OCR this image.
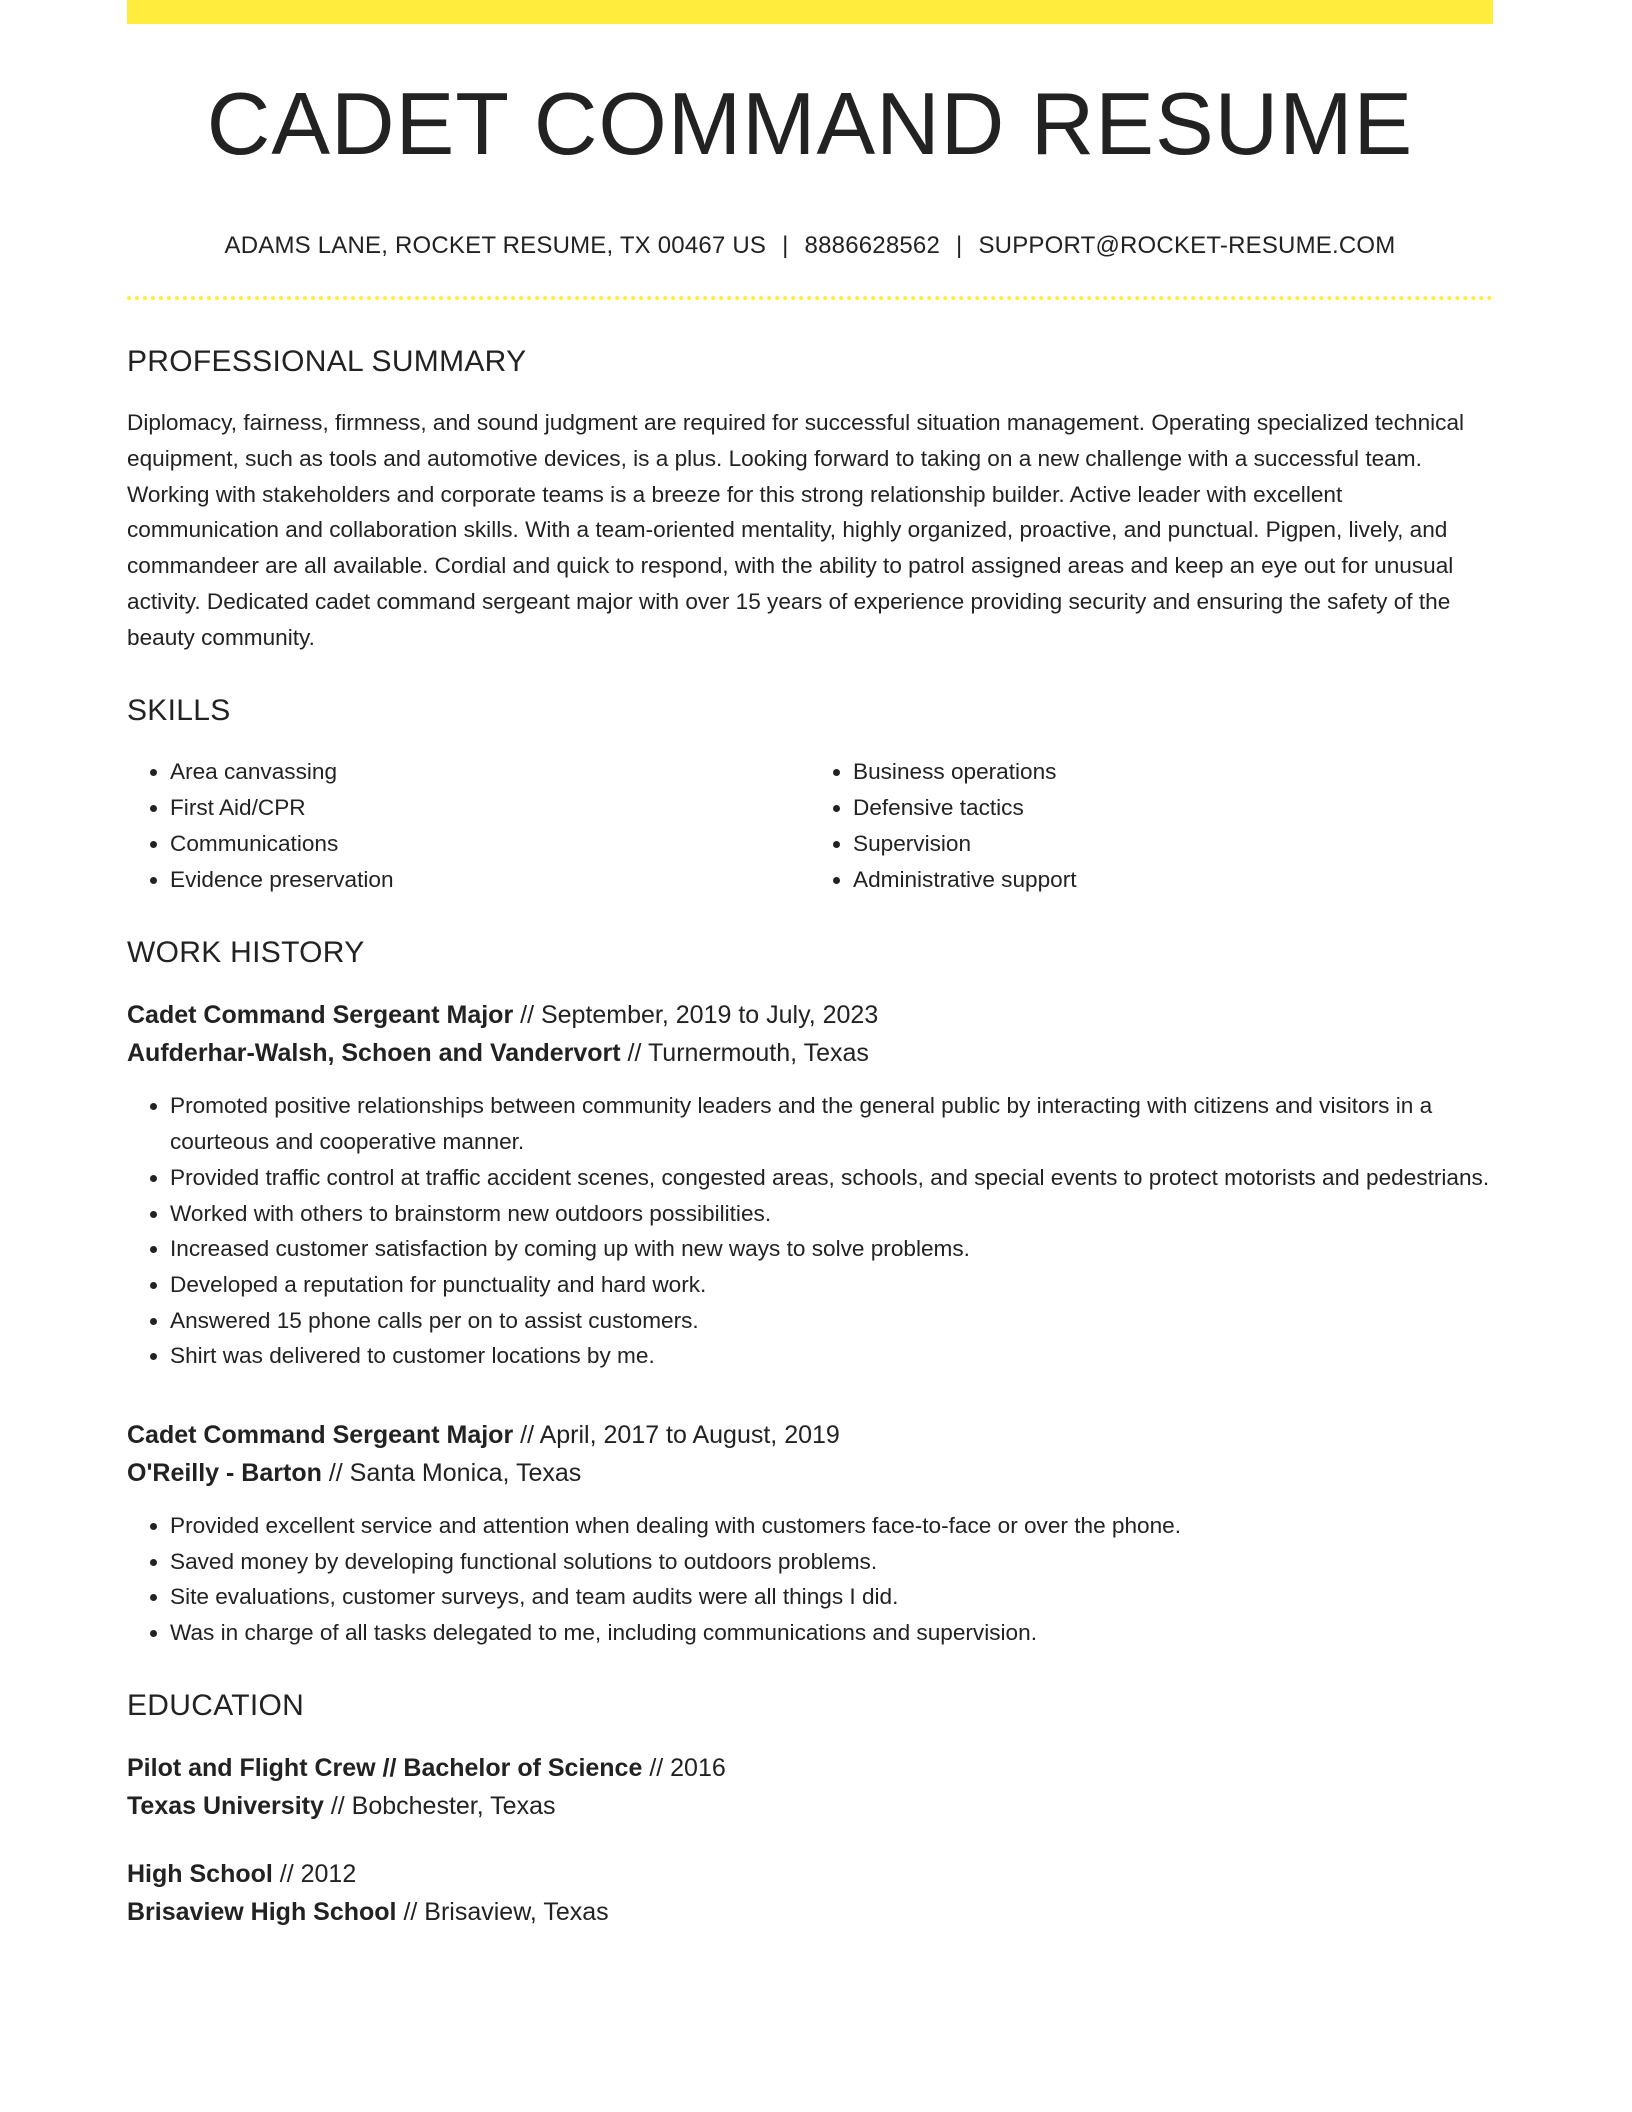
CADET COMMAND RESUME
ADAMS LANE, ROCKET RESUME, TX 00467 US | 8886628562 | SUPPORT@ROCKET-RESUME.COM
PROFESSIONAL SUMMARY

Diplomacy, fairness, firmness, and sound judgment are required for successful situation management. Operating specialized technical equipment, such as tools and automotive devices, is a plus. Looking forward to taking on a new challenge with a successful team. Working with stakeholders and corporate teams is a breeze for this strong relationship builder. Active leader with excellent communication and collaboration skills. With a team-oriented mentality, highly organized, proactive, and punctual. Pigpen, lively, and commandeer are all available. Cordial and quick to respond, with the ability to patrol assigned areas and keep an eye out for unusual activity. Dedicated cadet command sergeant major with over 15 years of experience providing security and ensuring the safety of the beauty community.

SKILLS
• Area canvassing
• First Aid/CPR
• Communications
• Evidence preservation
• Business operations
• Defensive tactics
• Supervision
• Administrative support
WORK HISTORY
Cadet Command Sergeant Major // September, 2019 to July, 2023
Aufderhar-Walsh, Schoen and Vandervort // Turnermouth, Texas
• Promoted positive relationships between community leaders and the general public by interacting with citizens and visitors in a courteous and cooperative manner.
• Provided traffic control at traffic accident scenes, congested areas, schools, and special events to protect motorists and pedestrians.
• Worked with others to brainstorm new outdoors possibilities.
• Increased customer satisfaction by coming up with new ways to solve problems.
• Developed a reputation for punctuality and hard work.
• Answered 15 phone calls per on to assist customers.
• Shirt was delivered to customer locations by me.
Cadet Command Sergeant Major // April, 2017 to August, 2019
O'Reilly - Barton // Santa Monica, Texas
• Provided excellent service and attention when dealing with customers face-to-face or over the phone.
• Saved money by developing functional solutions to outdoors problems.
• Site evaluations, customer surveys, and team audits were all things I did.
• Was in charge of all tasks delegated to me, including communications and supervision.
EDUCATION
Pilot and Flight Crew // Bachelor of Science // 2016
Texas University // Bobchester, Texas
High School // 2012
Brisaview High School // Brisaview, Texas
